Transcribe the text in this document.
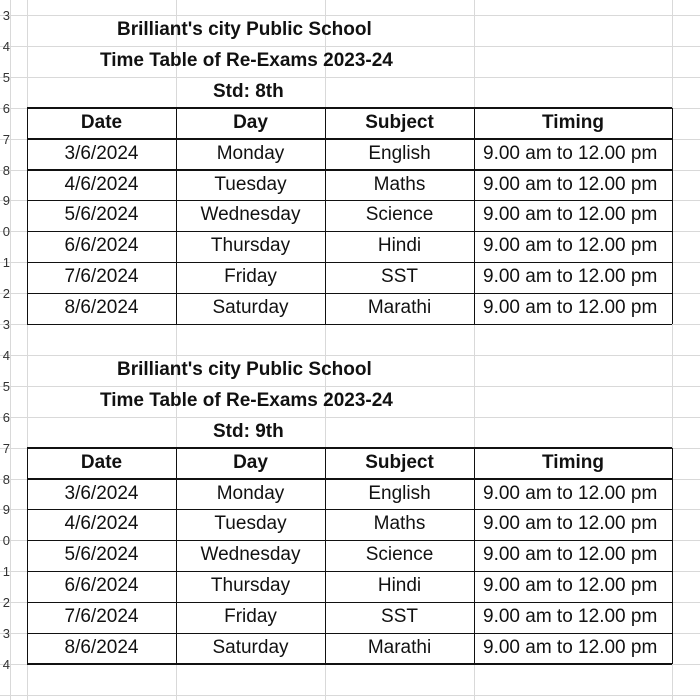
3
4
5
6
7
8
9
0
1
2
3
4
5
6
7
8
9
0
1
2
3
4
Brilliant's city Public School
Time Table of Re-Exams 2023-24
Std: 8th
Date	Day	Subject	Timing
3/6/2024	Monday	English	9.00 am to 12.00 pm
4/6/2024	Tuesday	Maths	9.00 am to 12.00 pm
5/6/2024	Wednesday	Science	9.00 am to 12.00 pm
6/6/2024	Thursday	Hindi	9.00 am to 12.00 pm
7/6/2024	Friday	SST	9.00 am to 12.00 pm
8/6/2024	Saturday	Marathi	9.00 am to 12.00 pm
Brilliant's city Public School
Time Table of Re-Exams 2023-24
Std: 9th
Date	Day	Subject	Timing
3/6/2024	Monday	English	9.00 am to 12.00 pm
4/6/2024	Tuesday	Maths	9.00 am to 12.00 pm
5/6/2024	Wednesday	Science	9.00 am to 12.00 pm
6/6/2024	Thursday	Hindi	9.00 am to 12.00 pm
7/6/2024	Friday	SST	9.00 am to 12.00 pm
8/6/2024	Saturday	Marathi	9.00 am to 12.00 pm
